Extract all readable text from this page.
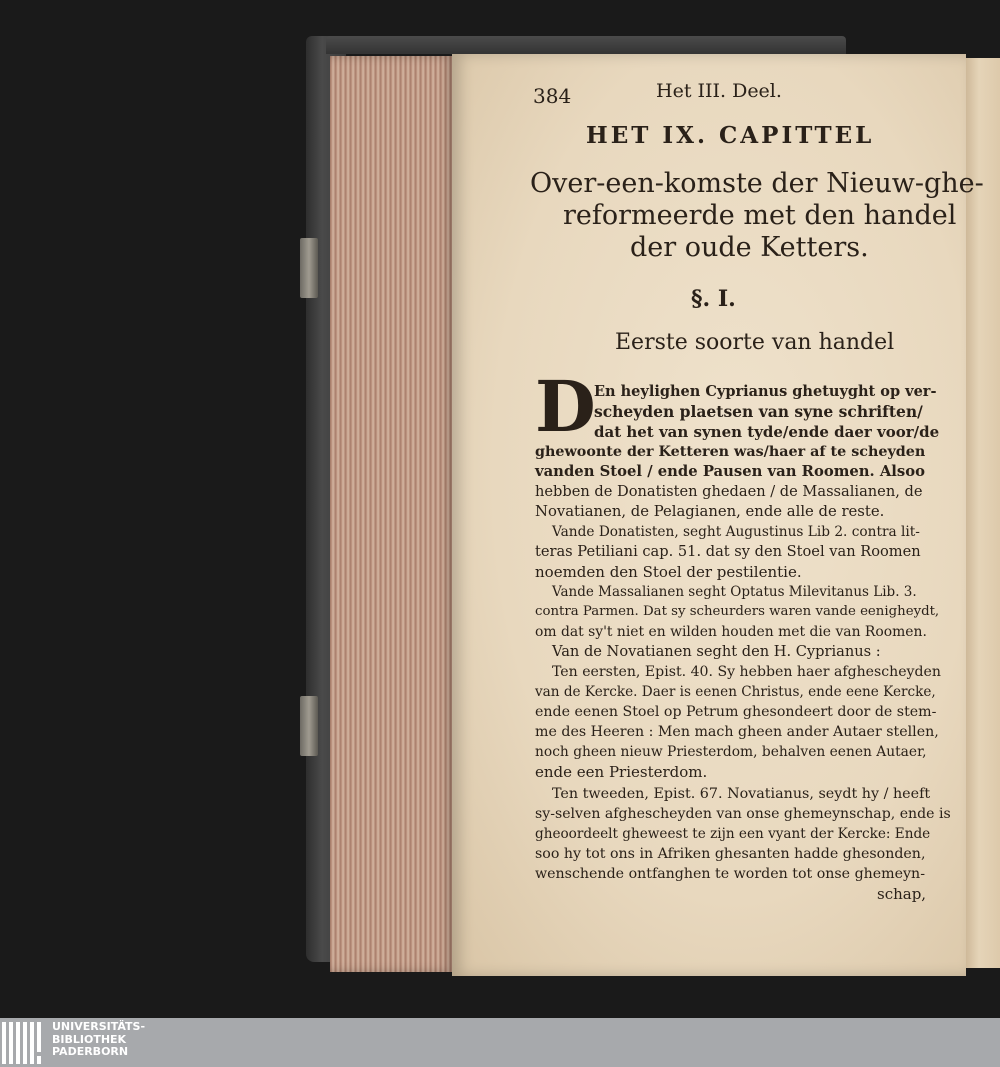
384	Het III. Deel.
HET IX. CAPITTEL
Over-een-komste der Nieuw-ghe-
reformeerde met den handel
der oude Ketters.
§. I.
Eerste soorte van handel
D
En heylighen Cyprianus ghetuyght op ver-
scheyden plaetsen van syne schriften/
dat het van synen tyde/ende daer voor/de
ghewoonte der Ketteren was/haer af te scheyden
vanden Stoel / ende Pausen van Roomen. Alsoo
hebben de Donatisten ghedaen / de Massalianen, de
Novatianen, de Pelagianen, ende alle de reste.
Vande Donatisten, seght Augustinus Lib 2. contra lit-
teras Petiliani cap. 51. dat sy den Stoel van Roomen
noemden den Stoel der pestilentie.
Vande Massalianen seght Optatus Milevitanus Lib. 3.
contra Parmen. Dat sy scheurders waren vande eenigheydt,
om dat sy't niet en wilden houden met die van Roomen.
Van de Novatianen seght den H. Cyprianus :
Ten eersten, Epist. 40. Sy hebben haer afghescheyden
van de Kercke. Daer is eenen Christus, ende eene Kercke,
ende eenen Stoel op Petrum ghesondeert door de stem-
me des Heeren : Men mach gheen ander Autaer stellen,
noch gheen nieuw Priesterdom, behalven eenen Autaer,
ende een Priesterdom.
Ten tweeden, Epist. 67. Novatianus, seydt hy / heeft
sy-selven afghescheyden van onse ghemeynschap, ende is
gheoordeelt gheweest te zijn een vyant der Kercke: Ende
soo hy tot ons in Afriken ghesanten hadde ghesonden,
wenschende ontfanghen te worden tot onse ghemeyn-
schap,
UNIVERSITÄTS-
BIBLIOTHEK
PADERBORN
